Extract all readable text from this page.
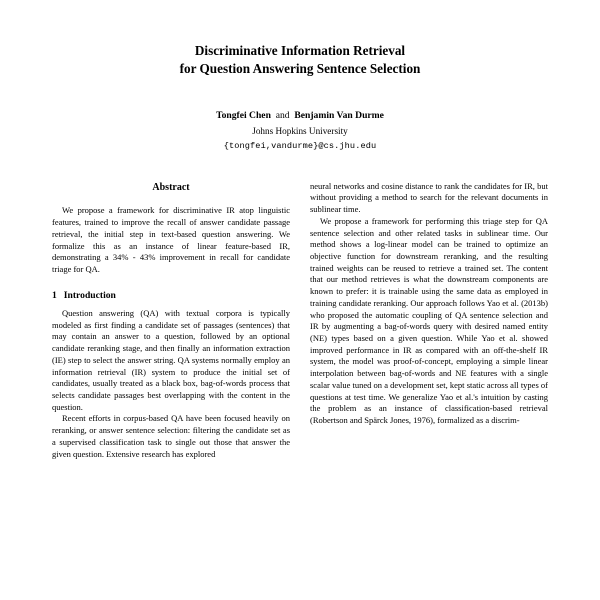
Discriminative Information Retrieval
for Question Answering Sentence Selection
Tongfei Chen and Benjamin Van Durme
Johns Hopkins University
{tongfei,vandurme}@cs.jhu.edu
Abstract

We propose a framework for discriminative IR atop linguistic features, trained to improve the recall of answer candidate passage retrieval, the initial step in text-based question answering. We formalize this as an instance of linear feature-based IR, demonstrating a 34% - 43% improvement in recall for candidate triage for QA.

1 Introduction

Question answering (QA) with textual corpora is typically modeled as first finding a candidate set of passages (sentences) that may contain an answer to a question, followed by an optional candidate reranking stage, and then finally an information extraction (IE) step to select the answer string. QA systems normally employ an information retrieval (IR) system to produce the initial set of candidates, usually treated as a black box, bag-of-words process that selects candidate passages best overlapping with the content in the question.

Recent efforts in corpus-based QA have been focused heavily on reranking, or answer sentence selection: filtering the candidate set as a supervised classification task to single out those that answer the given question. Extensive research has explored

neural networks and cosine distance to rank the candidates for IR, but without providing a method to search for the relevant documents in sublinear time.

We propose a framework for performing this triage step for QA sentence selection and other related tasks in sublinear time. Our method shows a log-linear model can be trained to optimize an objective function for downstream reranking, and the resulting trained weights can be reused to retrieve a trained set. The content that our method retrieves is what the downstream components are known to prefer: it is trainable using the same data as employed in training candidate reranking. Our approach follows Yao et al. (2013b) who proposed the automatic coupling of QA sentence selection and IR by augmenting a bag-of-words query with desired named entity (NE) types based on a given question. While Yao et al. showed improved performance in IR as compared with an off-the-shelf IR system, the model was proof-of-concept, employing a simple linear interpolation between bag-of-words and NE features with a single scalar value tuned on a development set, kept static across all types of questions at test time. We generalize Yao et al.'s intuition by casting the problem as an instance of classification-based retrieval (Robertson and Spärck Jones, 1976), formalized as a discrim-
